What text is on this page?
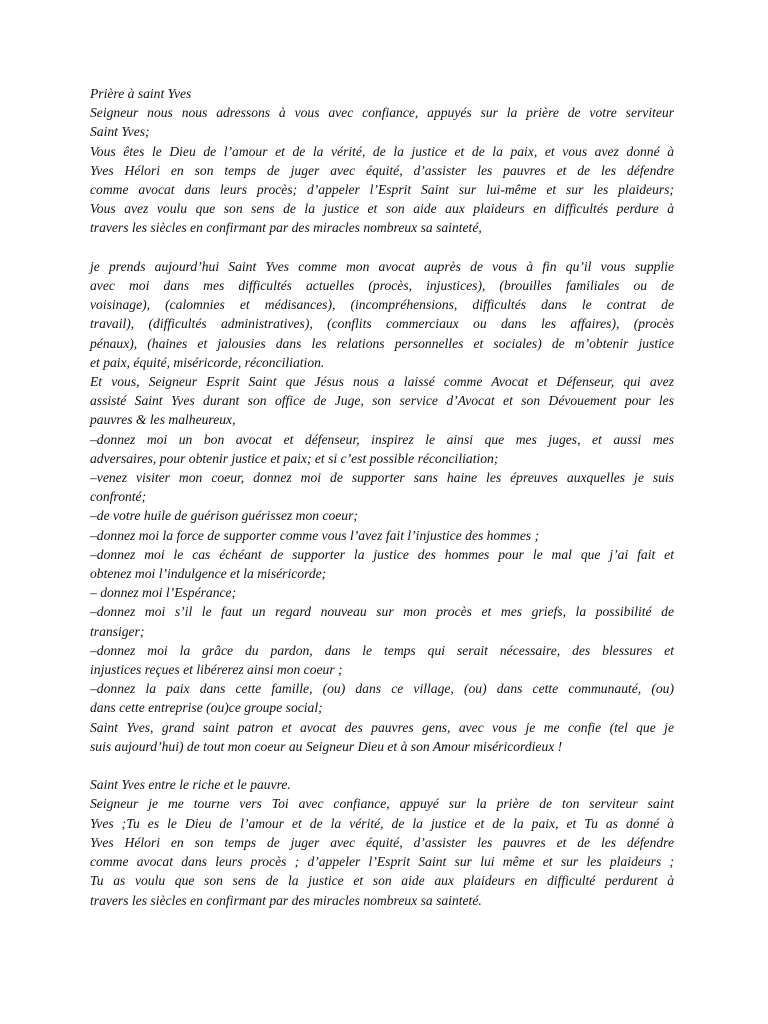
Prière à saint Yves
Seigneur nous nous adressons à vous avec confiance, appuyés sur la prière de votre serviteur
Saint Yves;
Vous êtes le Dieu de l’amour et de la vérité, de la justice et de la paix, et vous avez donné à
Yves Hélori en son temps de juger avec équité, d’assister les pauvres et de les défendre
comme avocat dans leurs procès; d’appeler l’Esprit Saint sur lui-même et sur les plaideurs;
Vous avez voulu que son sens de la justice et son aide aux plaideurs en difficultés perdure à
travers les siècles en confirmant par des miracles nombreux sa sainteté,
je prends aujourd’hui Saint Yves comme mon avocat auprès de vous à fin qu’il vous supplie
avec moi dans mes difficultés actuelles (procès, injustices), (brouilles familiales ou de
voisinage), (calomnies et médisances), (incompréhensions, difficultés dans le contrat de
travail), (difficultés administratives), (conflits commerciaux ou dans les affaires), (procès
pénaux), (haines et jalousies dans les relations personnelles et sociales) de m’obtenir justice
et paix, équité, miséricorde, réconciliation.
Et vous, Seigneur Esprit Saint que Jésus nous a laissé comme Avocat et Défenseur, qui avez
assisté Saint Yves durant son office de Juge, son service d’Avocat et son Dévouement pour les
pauvres & les malheureux,
–donnez moi un bon avocat et défenseur, inspirez le ainsi que mes juges, et aussi mes
adversaires, pour obtenir justice et paix; et si c’est possible réconciliation;
–venez visiter mon coeur, donnez moi de supporter sans haine les épreuves auxquelles je suis
confronté;
–de votre huile de guérison guérissez mon coeur;
–donnez moi la force de supporter comme vous l’avez fait l’injustice des hommes ;
–donnez moi le cas échéant de supporter la justice des hommes pour le mal que j’ai fait et
obtenez moi l’indulgence et la miséricorde;
– donnez moi l’Espérance;
–donnez moi s’il le faut un regard nouveau sur mon procès et mes griefs, la possibilité de
transiger;
–donnez moi la grâce du pardon, dans le temps qui serait nécessaire, des blessures et
injustices reçues et libérerez ainsi mon coeur ;
–donnez la paix dans cette famille, (ou) dans ce village, (ou) dans cette communauté, (ou)
dans cette entreprise (ou)ce groupe social;
Saint Yves, grand saint patron et avocat des pauvres gens, avec vous je me confie (tel que je
suis aujourd’hui) de tout mon coeur au Seigneur Dieu et à son Amour miséricordieux !
Saint Yves entre le riche et le pauvre.
Seigneur je me tourne vers Toi avec confiance, appuyé sur la prière de ton serviteur saint
Yves ;Tu es le Dieu de l’amour et de la vérité, de la justice et de la paix, et Tu as donné à
Yves Hélori en son temps de juger avec équité, d’assister les pauvres et de les défendre
comme avocat dans leurs procès ; d’appeler l’Esprit Saint sur lui même et sur les plaideurs ;
Tu as voulu que son sens de la justice et son aide aux plaideurs en difficulté perdurent à
travers les siècles en confirmant par des miracles nombreux sa sainteté.
